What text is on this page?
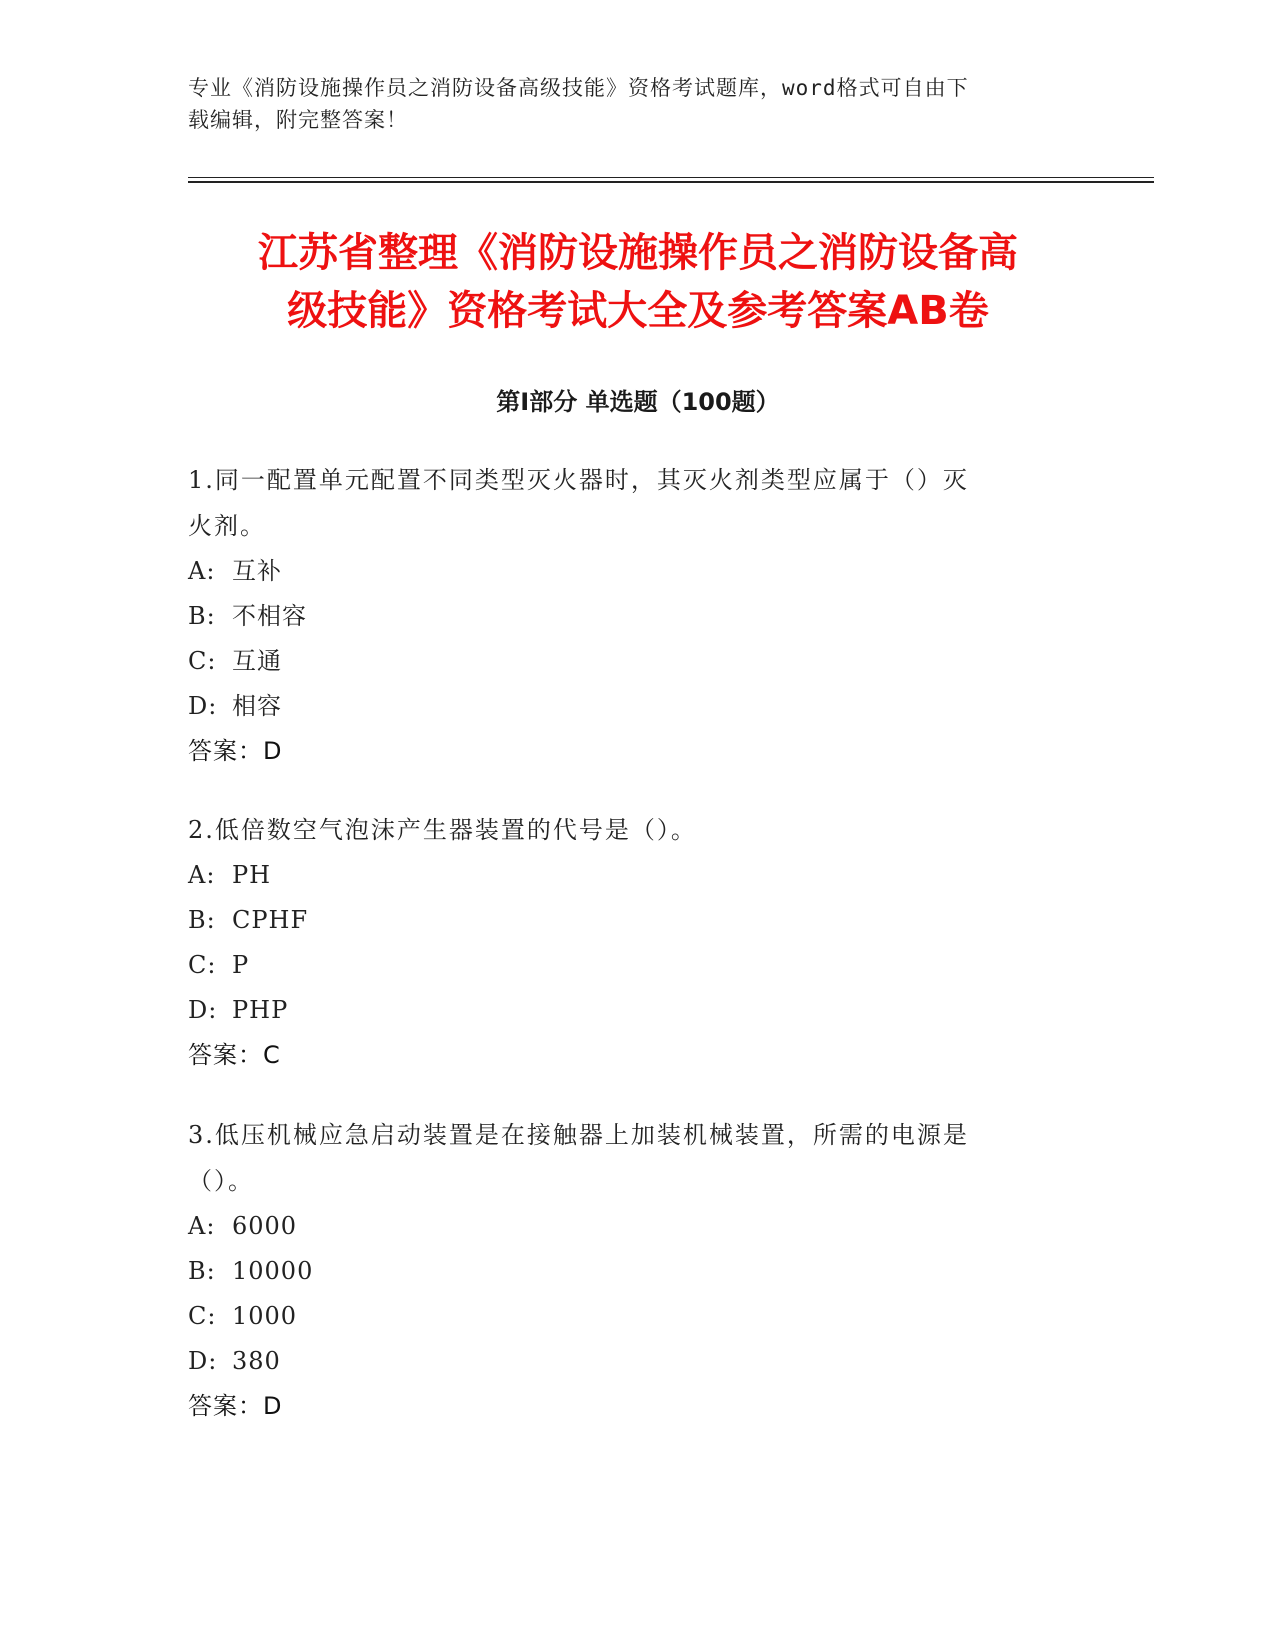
专业《消防设施操作员之消防设备高级技能》资格考试题库，word格式可自由下
载编辑，附完整答案！
江苏省整理《消防设施操作员之消防设备高
级技能》资格考试大全及参考答案AB卷
第Ⅰ部分 单选题（100题）
1.同一配置单元配置不同类型灭火器时，其灭火剂类型应属于（）灭
火剂。
A: 互补
B: 不相容
C: 互通
D: 相容
答案：D
2.低倍数空气泡沫产生器装置的代号是（）。
A: PH
B: CPHF
C: P
D: PHP
答案：C
3.低压机械应急启动装置是在接触器上加装机械装置，所需的电源是
（）。
A: 6000
B: 10000
C: 1000
D: 380
答案：D
